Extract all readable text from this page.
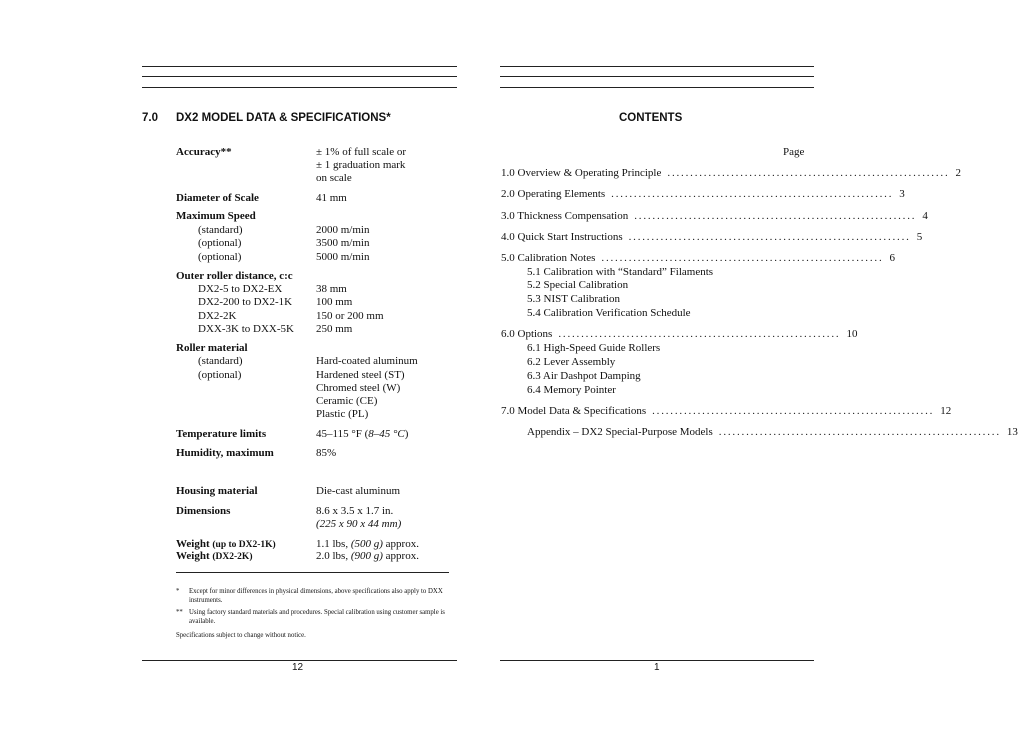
7.0 DX2 MODEL DATA & SPECIFICATIONS*
Accuracy**	± 1% of full scale or
± 1 graduation mark
on scale
Diameter of Scale	41 mm
Maximum Speed
(standard)	2000 m/min
(optional)	3500 m/min
(optional)	5000 m/min
Outer roller distance, c:c
DX2-5 to DX2-EX	38 mm
DX2-200 to DX2-1K 100 mm
DX2-2K	150 or 200 mm
DXX-3K to DXX-5K 250 mm
Roller material
(standard)	Hard-coated aluminum
(optional)	Hardened steel (ST)
Chromed steel (W)
Ceramic (CE)
Plastic (PL)
Temperature limits	45–115 °F (8–45 °C)
Humidity, maximum	85%
Housing material	Die-cast aluminum
Dimensions	8.6 x 3.5 x 1.7 in.
(225 x 90 x 44 mm)
Weight (up to DX2-1K)	1.1 lbs, (500 g) approx.
Weight (DX2-2K)	2.0 lbs, (900 g) approx.
* Except for minor differences in physical dimensions, above specifications also apply to DXX instruments.
** Using factory standard materials and procedures. Special calibration using customer sample is available.
Specifications subject to change without notice.
12
CONTENTS
Page
1.0 Overview & Operating Principle .............................................................. 2
2.0 Operating Elements .............................................................. 3
3.0 Thickness Compensation .............................................................. 4
4.0 Quick Start Instructions .............................................................. 5
5.0 Calibration Notes .............................................................. 6
5.1 Calibration with “Standard” Filaments
5.2 Special Calibration
5.3 NIST Calibration
5.4 Calibration Verification Schedule
6.0 Options .............................................................. 10
6.1 High-Speed Guide Rollers
6.2 Lever Assembly
6.3 Air Dashpot Damping
6.4 Memory Pointer
7.0 Model Data & Specifications .............................................................. 12
Appendix – DX2 Special-Purpose Models .............................................................. 13
1
